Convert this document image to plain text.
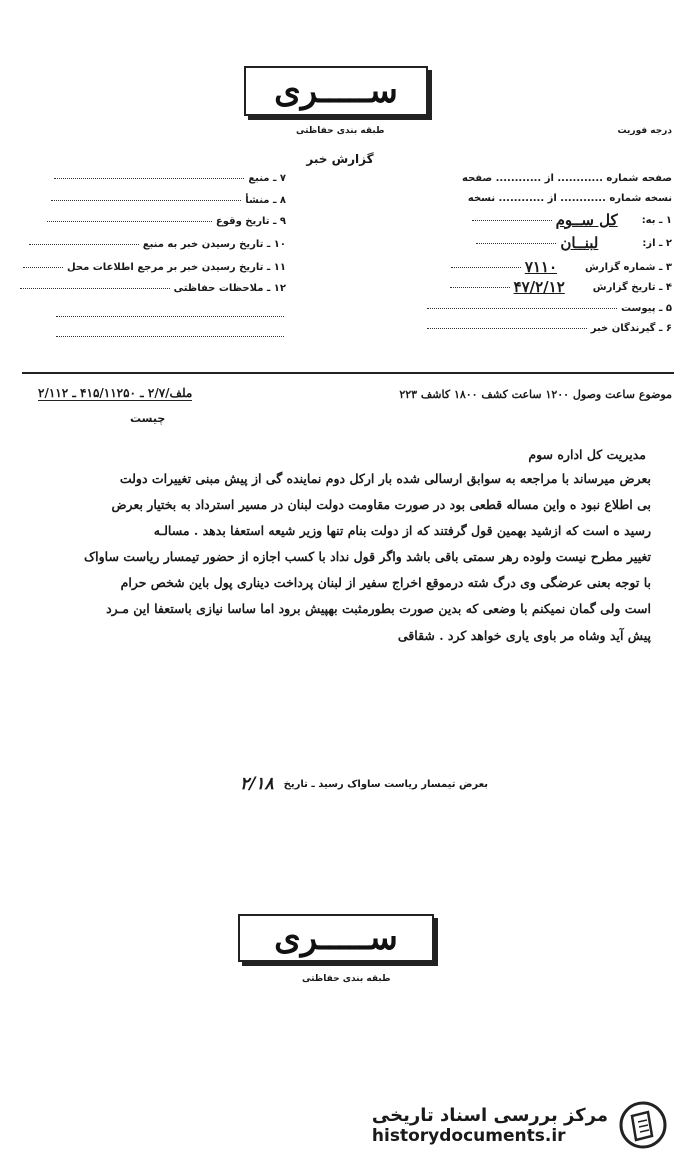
ســـــرى
طبقه بندی حفاظتی	درجه فوریت
گزارش خبر
صفحه شماره ............ از ............ صفحه
نسخه شماره ............ از ............ نسخه
۱ ـ به:
کل ســوم
۲ ـ از:
لبنــان
۳ ـ شماره گزارش
۷۱۱۰
۴ ـ تاریخ گزارش
۴۷/۲/۱۲
۵ ـ پیوست
۶ ـ گیرندگان خبر
۷ ـ منبع
۸ ـ منشأ
۹ ـ تاریخ وقوع
۱۰ ـ تاریخ رسیدن خبر به منبع
۱۱ ـ تاریخ رسیدن خبر بر مرجع اطلاعات محل
۱۲ ـ ملاحظات حفاظتی
موضوع ساعت وصول ۱۲۰۰ ساعت کشف ۱۸۰۰ کاشف ۲۲۳
ملف/۲/۷ ـ ۴۱۵/۱۱۲۵۰ ـ ۲/۱۱۲
چیست
مدیریت کل اداره سوم
بعرض میرساند با مراجعه به سوابق ارسالی شده بار ارکل دوم نماینده گی از پیش مبنی تغییرات دولت
بی اطلاع نبود ه واین مساله قطعی بود در صورت مقاومت دولت لبنان در مسیر استرداد به بختیار بعرض
رسید ه است که ازشید بهمین قول گرفتند که از دولت بنام تنها وزیر شیعه استعفا بدهد . مسالـه
تغییر مطرح نیست ولوده رهر سمتی باقی باشد واگر قول نداد با کسب اجازه از حضور تیمسار ریاست ساواک
با توجه بعنی عرضگی وی درگ شته درموقع اخراج سفیر از لبنان پرداخت دیناری پول باین شخص حرام
است ولی گمان نمیکنم با وضعی که بدین صورت بطورمثبت بهپیش برود اما ساسا نیازی باستعفا این مـرد
پیش آید وشاه مر باوی یاری خواهد کرد . شقاقی
بعرض تیمسار ریاست ساواک رسید ـ تاریخ
۲/۱۸
ســـــرى
طبقه بندی حفاظتی
مرکز بررسی اسناد تاریخی
historydocuments.ir
